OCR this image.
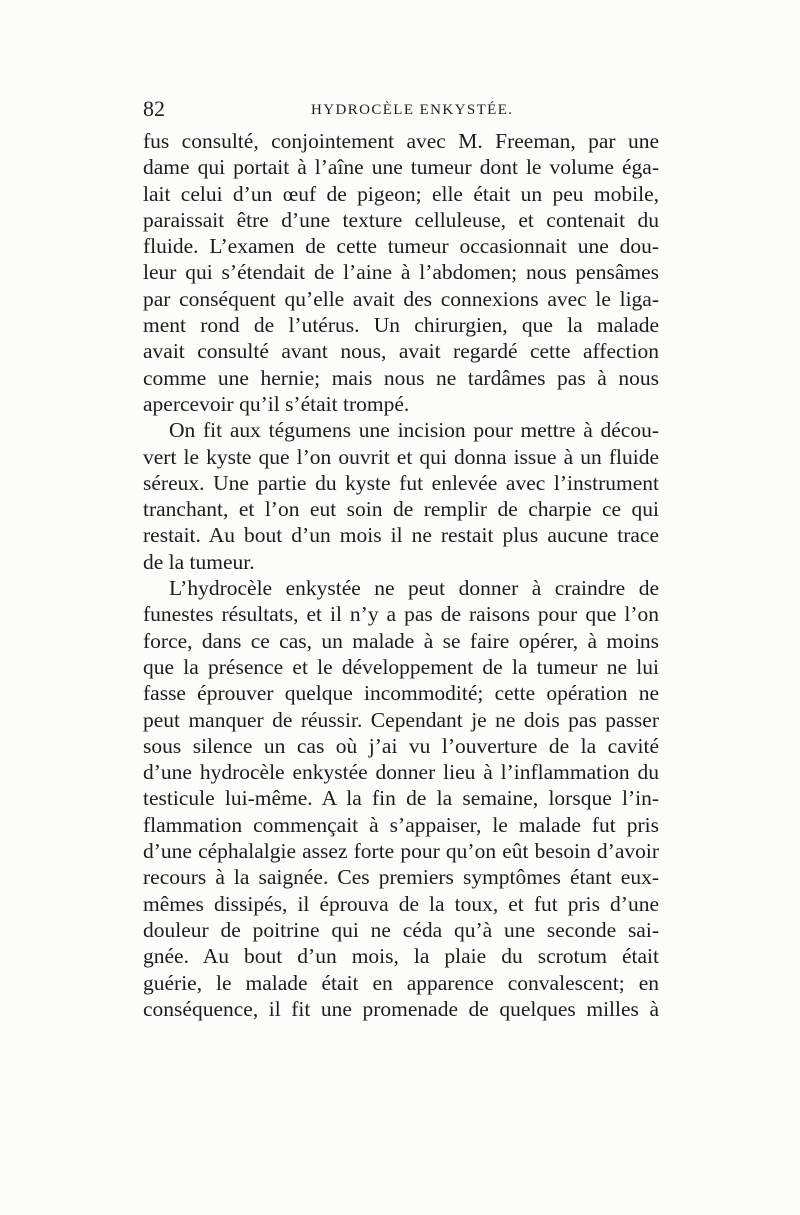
82	HYDROCÈLE ENKYSTÉE.
fus consulté, conjointement avec M. Freeman, par une
dame qui portait à l’aîne une tumeur dont le volume éga-
lait celui d’un œuf de pigeon; elle était un peu mobile,
paraissait être d’une texture celluleuse, et contenait du
fluide. L’examen de cette tumeur occasionnait une dou-
leur qui s’étendait de l’aine à l’abdomen; nous pensâmes
par conséquent qu’elle avait des connexions avec le liga-
ment rond de l’utérus. Un chirurgien, que la malade
avait consulté avant nous, avait regardé cette affection
comme une hernie; mais nous ne tardâmes pas à nous
apercevoir qu’il s’était trompé.
On fit aux tégumens une incision pour mettre à décou-
vert le kyste que l’on ouvrit et qui donna issue à un fluide
séreux. Une partie du kyste fut enlevée avec l’instrument
tranchant, et l’on eut soin de remplir de charpie ce qui
restait. Au bout d’un mois il ne restait plus aucune trace
de la tumeur.
L’hydrocèle enkystée ne peut donner à craindre de
funestes résultats, et il n’y a pas de raisons pour que l’on
force, dans ce cas, un malade à se faire opérer, à moins
que la présence et le développement de la tumeur ne lui
fasse éprouver quelque incommodité; cette opération ne
peut manquer de réussir. Cependant je ne dois pas passer
sous silence un cas où j’ai vu l’ouverture de la cavité
d’une hydrocèle enkystée donner lieu à l’inflammation du
testicule lui-même. A la fin de la semaine, lorsque l’in-
flammation commençait à s’appaiser, le malade fut pris
d’une céphalalgie assez forte pour qu’on eût besoin d’avoir
recours à la saignée. Ces premiers symptômes étant eux-
mêmes dissipés, il éprouva de la toux, et fut pris d’une
douleur de poitrine qui ne céda qu’à une seconde sai-
gnée. Au bout d’un mois, la plaie du scrotum était
guérie, le malade était en apparence convalescent; en
conséquence, il fit une promenade de quelques milles à
